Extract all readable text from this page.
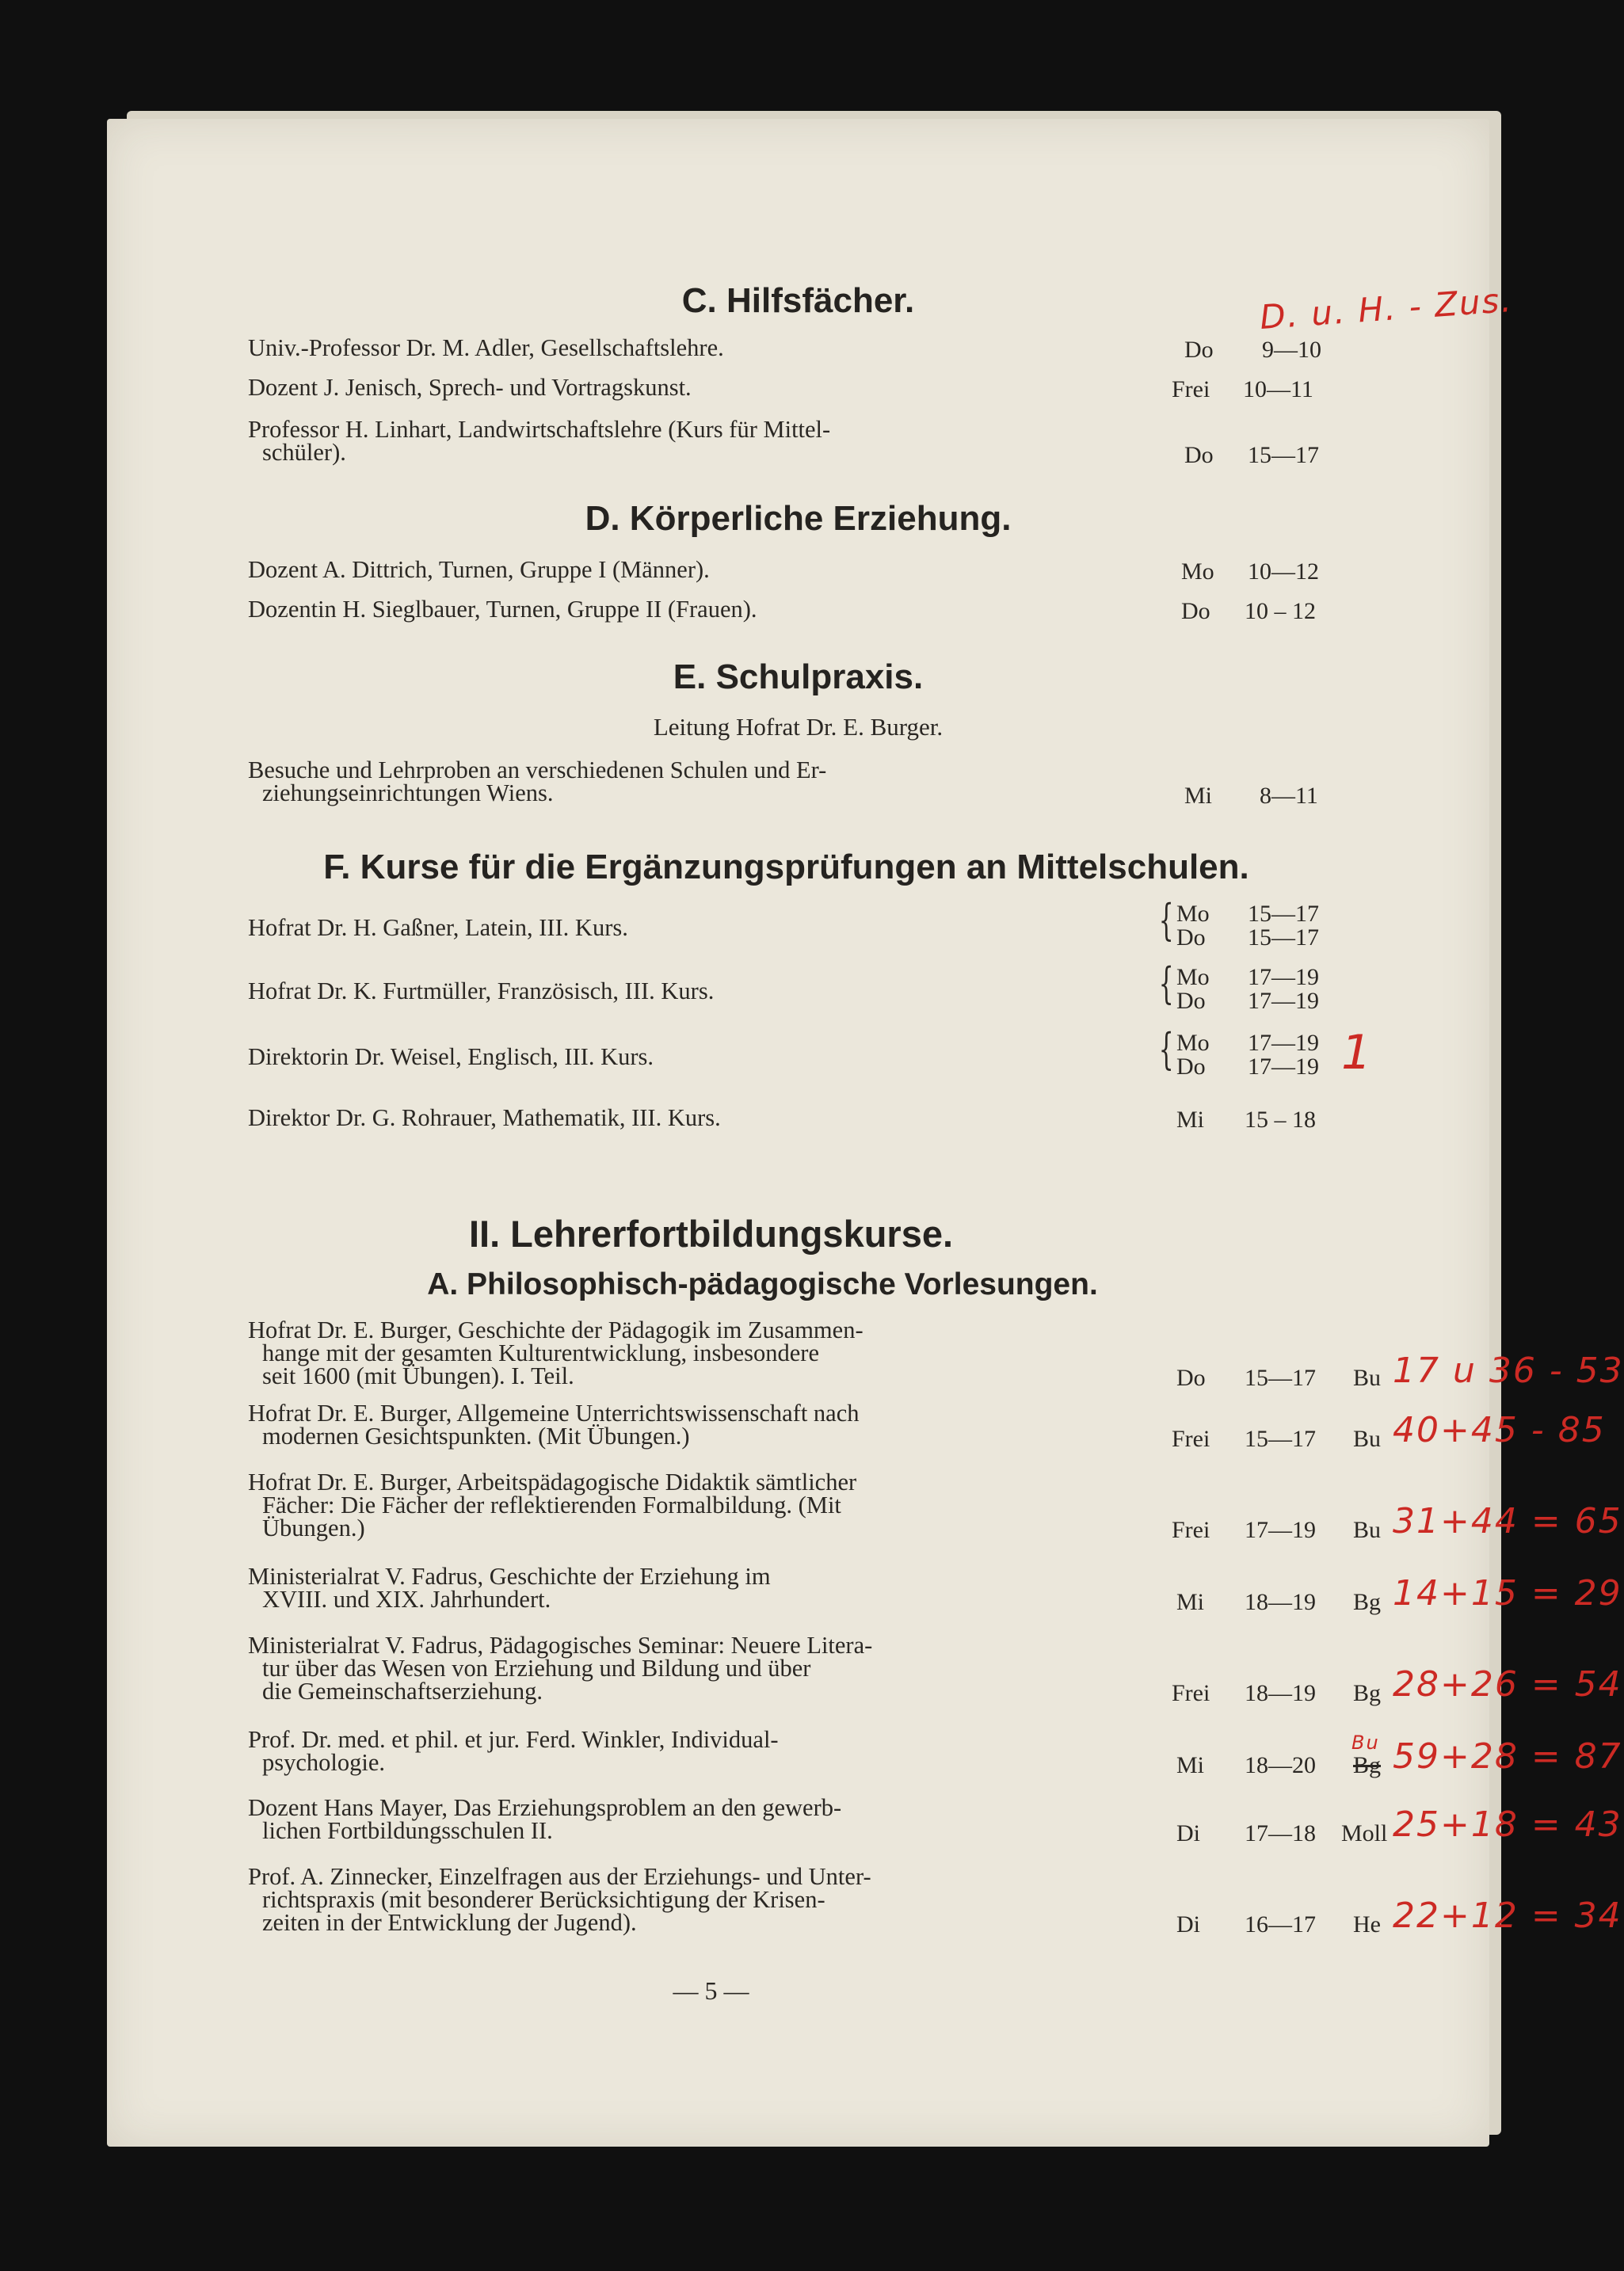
C. Hilfsfächer.
D. Körperliche Erziehung.
E. Schulpraxis.
Leitung Hofrat Dr. E. Burger.
F. Kurse für die Ergänzungsprüfungen an Mittelschulen.
II. Lehrerfortbildungskurse.
A. Philosophisch-pädagogische Vorlesungen.
Univ.-Professor Dr. M. Adler, Gesellschaftslehre.	Do 9—10
Dozent J. Jenisch, Sprech- und Vortragskunst.	Frei 10—11
Professor H. Linhart, Landwirtschaftslehre (Kurs für Mittel-
schüler).	Do 15—17
Dozent A. Dittrich, Turnen, Gruppe I (Männer).	Mo 10—12
Dozentin H. Sieglbauer, Turnen, Gruppe II (Frauen).	Do 10 – 12
Besuche und Lehrproben an verschiedenen Schulen und Er-
ziehungseinrichtungen Wiens.	Mi 8—11
Hofrat Dr. H. Gaßner, Latein, III. Kurs.	{ Mo 15—17
Do 15—17
Hofrat Dr. K. Furtmüller, Französisch, III. Kurs.	{ Mo 17—19
Do 17—19
Direktorin Dr. Weisel, Englisch, III. Kurs.	{ Mo 17—19
Do 17—19 1
Direktor Dr. G. Rohrauer, Mathematik, III. Kurs.	Mi 15 – 18
Hofrat Dr. E. Burger, Geschichte der Pädagogik im Zusammen-
hange mit der gesamten Kulturentwicklung, insbesondere
seit 1600 (mit Übungen). I. Teil.	Do 15—17 Bu 17 u 36 - 53
Hofrat Dr. E. Burger, Allgemeine Unterrichtswissenschaft nach
modernen Gesichtspunkten. (Mit Übungen.)	Frei 15—17 Bu 40+45 - 85
Hofrat Dr. E. Burger, Arbeitspädagogische Didaktik sämtlicher
Fächer: Die Fächer der reflektierenden Formalbildung. (Mit
Übungen.)	Frei 17—19 Bu 31+44 = 65
Ministerialrat V. Fadrus, Geschichte der Erziehung im
XVIII. und XIX. Jahrhundert.	Mi 18—19 Bg 14+15 = 29
Ministerialrat V. Fadrus, Pädagogisches Seminar: Neuere Litera-
tur über das Wesen von Erziehung und Bildung und über
die Gemeinschaftserziehung.	Frei 18—19 Bg 28+26 = 54
Prof. Dr. med. et phil. et jur. Ferd. Winkler, Individual-
psychologie.	Mi 18—20 Bg
Bu 59+28 = 87
Dozent Hans Mayer, Das Erziehungsproblem an den gewerb-
lichen Fortbildungsschulen II.	Di 17—18 Moll 25+18 = 43
Prof. A. Zinnecker, Einzelfragen aus der Erziehungs- und Unter-
richtspraxis (mit besonderer Berücksichtigung der Krisen-
zeiten in der Entwicklung der Jugend).	Di 16—17 He 22+12 = 34
D. u. H. - Zus.
— 5 —
